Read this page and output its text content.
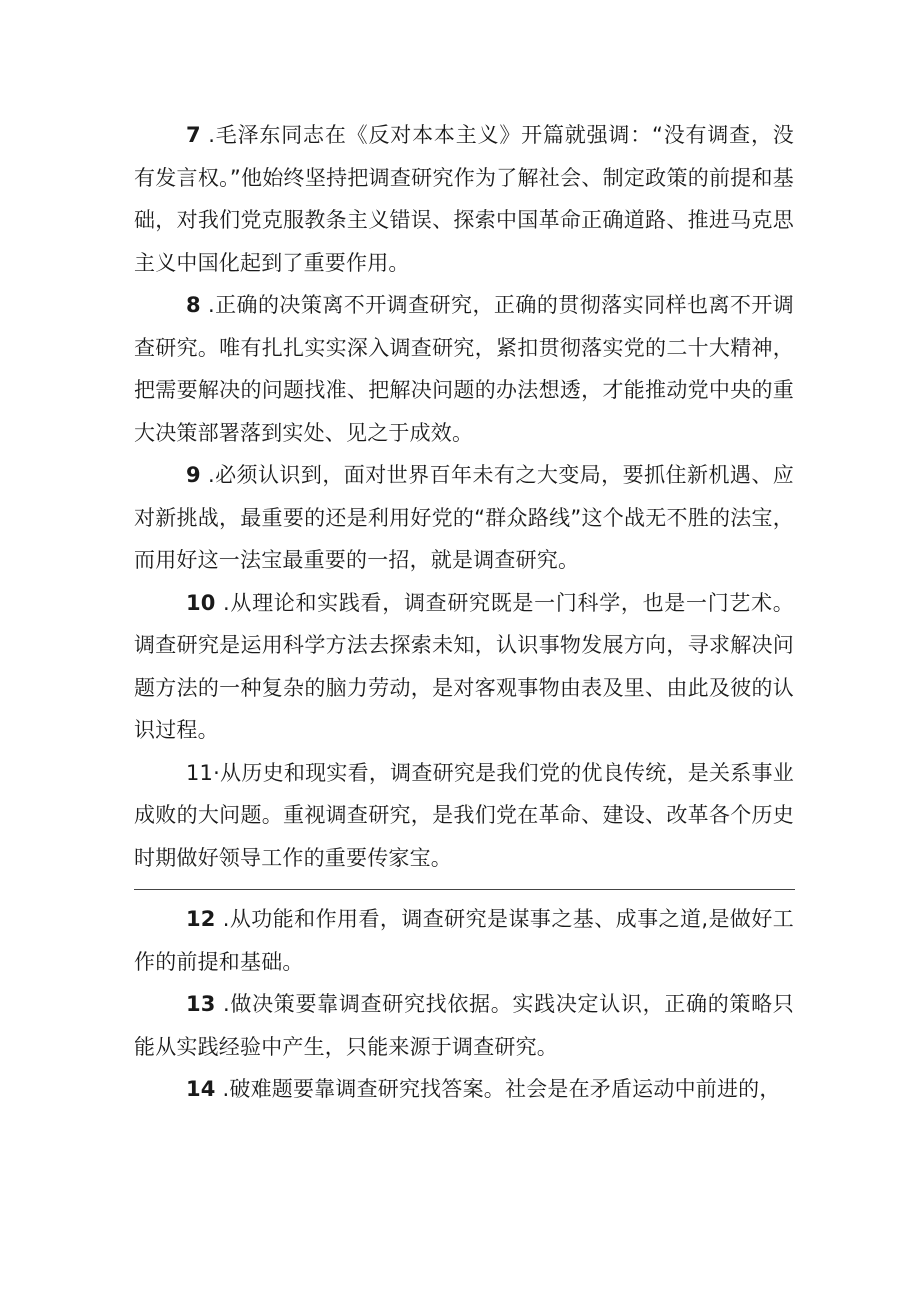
7 .毛泽东同志在《反对本本主义》开篇就强调：“没有调查，没有发言权。”他始终坚持把调查研究作为了解社会、制定政策的前提和基础，对我们党克服教条主义错误、探索中国革命正确道路、推进马克思主义中国化起到了重要作用。

8 .正确的决策离不开调查研究，正确的贯彻落实同样也离不开调查研究。唯有扎扎实实深入调查研究，紧扣贯彻落实党的二十大精神，把需要解决的问题找准、把解决问题的办法想透，才能推动党中央的重大决策部署落到实处、见之于成效。

9 .必须认识到，面对世界百年未有之大变局，要抓住新机遇、应对新挑战，最重要的还是利用好党的“群众路线”这个战无不胜的法宝，而用好这一法宝最重要的一招，就是调查研究。

10 .从理论和实践看，调查研究既是一门科学，也是一门艺术。调查研究是运用科学方法去探索未知，认识事物发展方向，寻求解决问题方法的一种复杂的脑力劳动，是对客观事物由表及里、由此及彼的认识过程。

11·从历史和现实看，调查研究是我们党的优良传统，是关系事业成败的大问题。重视调查研究，是我们党在革命、建设、改革各个历史时期做好领导工作的重要传家宝。

12 .从功能和作用看，调查研究是谋事之基、成事之道,是做好工作的前提和基础。

13 .做决策要靠调查研究找依据。实践决定认识，正确的策略只能从实践经验中产生，只能来源于调查研究。

14 .破难题要靠调查研究找答案。社会是在矛盾运动中前进的，
